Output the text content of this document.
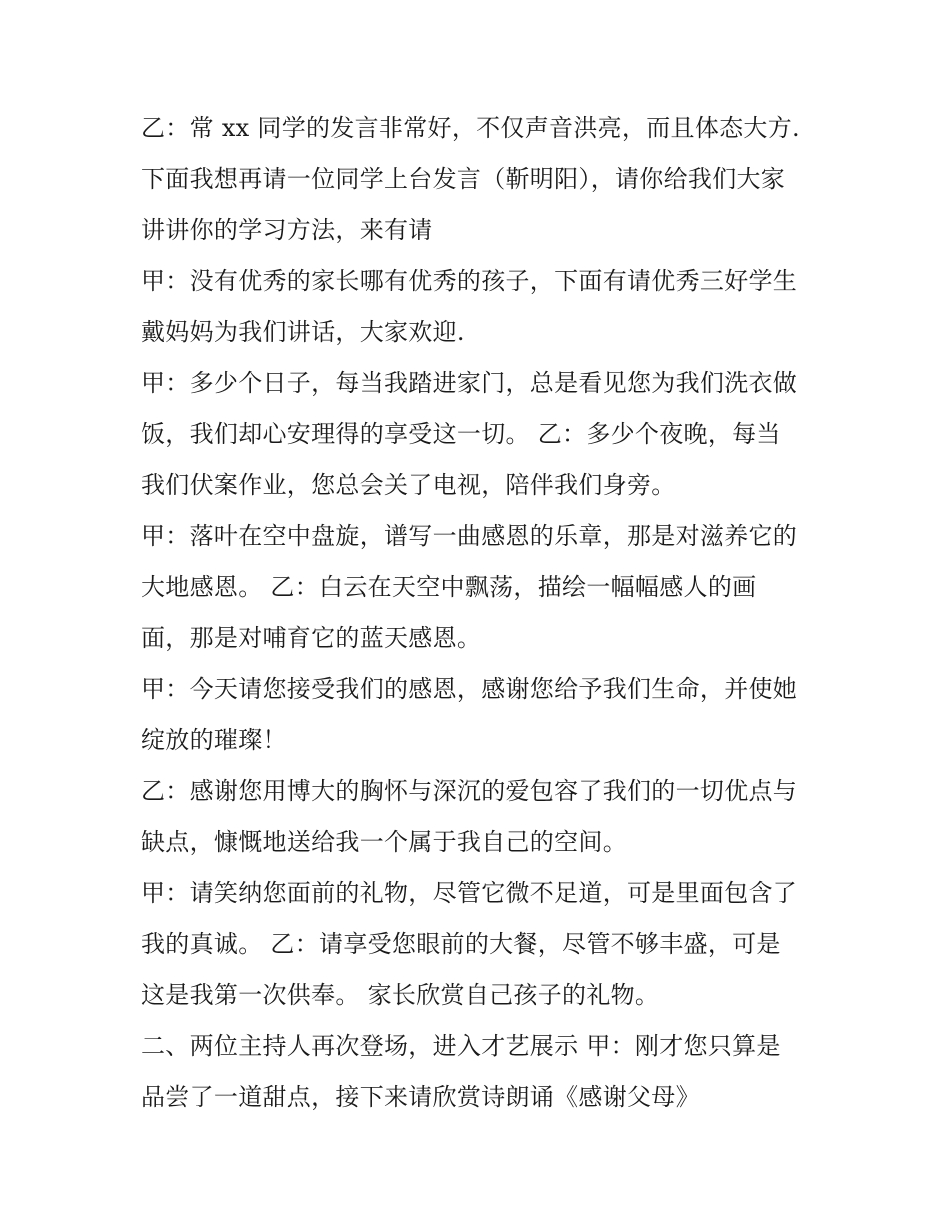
乙：常 xx 同学的发言非常好，不仅声音洪亮，而且体态大方.
下面我想再请一位同学上台发言（靳明阳），请你给我们大家
讲讲你的学习方法，来有请
甲：没有优秀的家长哪有优秀的孩子，下面有请优秀三好学生
戴妈妈为我们讲话，大家欢迎.
甲：多少个日子，每当我踏进家门，总是看见您为我们洗衣做
饭，我们却心安理得的享受这一切。 乙：多少个夜晚，每当
我们伏案作业，您总会关了电视，陪伴我们身旁。
甲：落叶在空中盘旋，谱写一曲感恩的乐章，那是对滋养它的
大地感恩。 乙：白云在天空中飘荡，描绘一幅幅感人的画
面，那是对哺育它的蓝天感恩。
甲：今天请您接受我们的感恩，感谢您给予我们生命，并使她
绽放的璀璨！
乙：感谢您用博大的胸怀与深沉的爱包容了我们的一切优点与
缺点，慷慨地送给我一个属于我自己的空间。
甲：请笑纳您面前的礼物，尽管它微不足道，可是里面包含了
我的真诚。 乙：请享受您眼前的大餐，尽管不够丰盛，可是
这是我第一次供奉。 家长欣赏自己孩子的礼物。
二、两位主持人再次登场，进入才艺展示 甲：刚才您只算是
品尝了一道甜点，接下来请欣赏诗朗诵《感谢父母》
